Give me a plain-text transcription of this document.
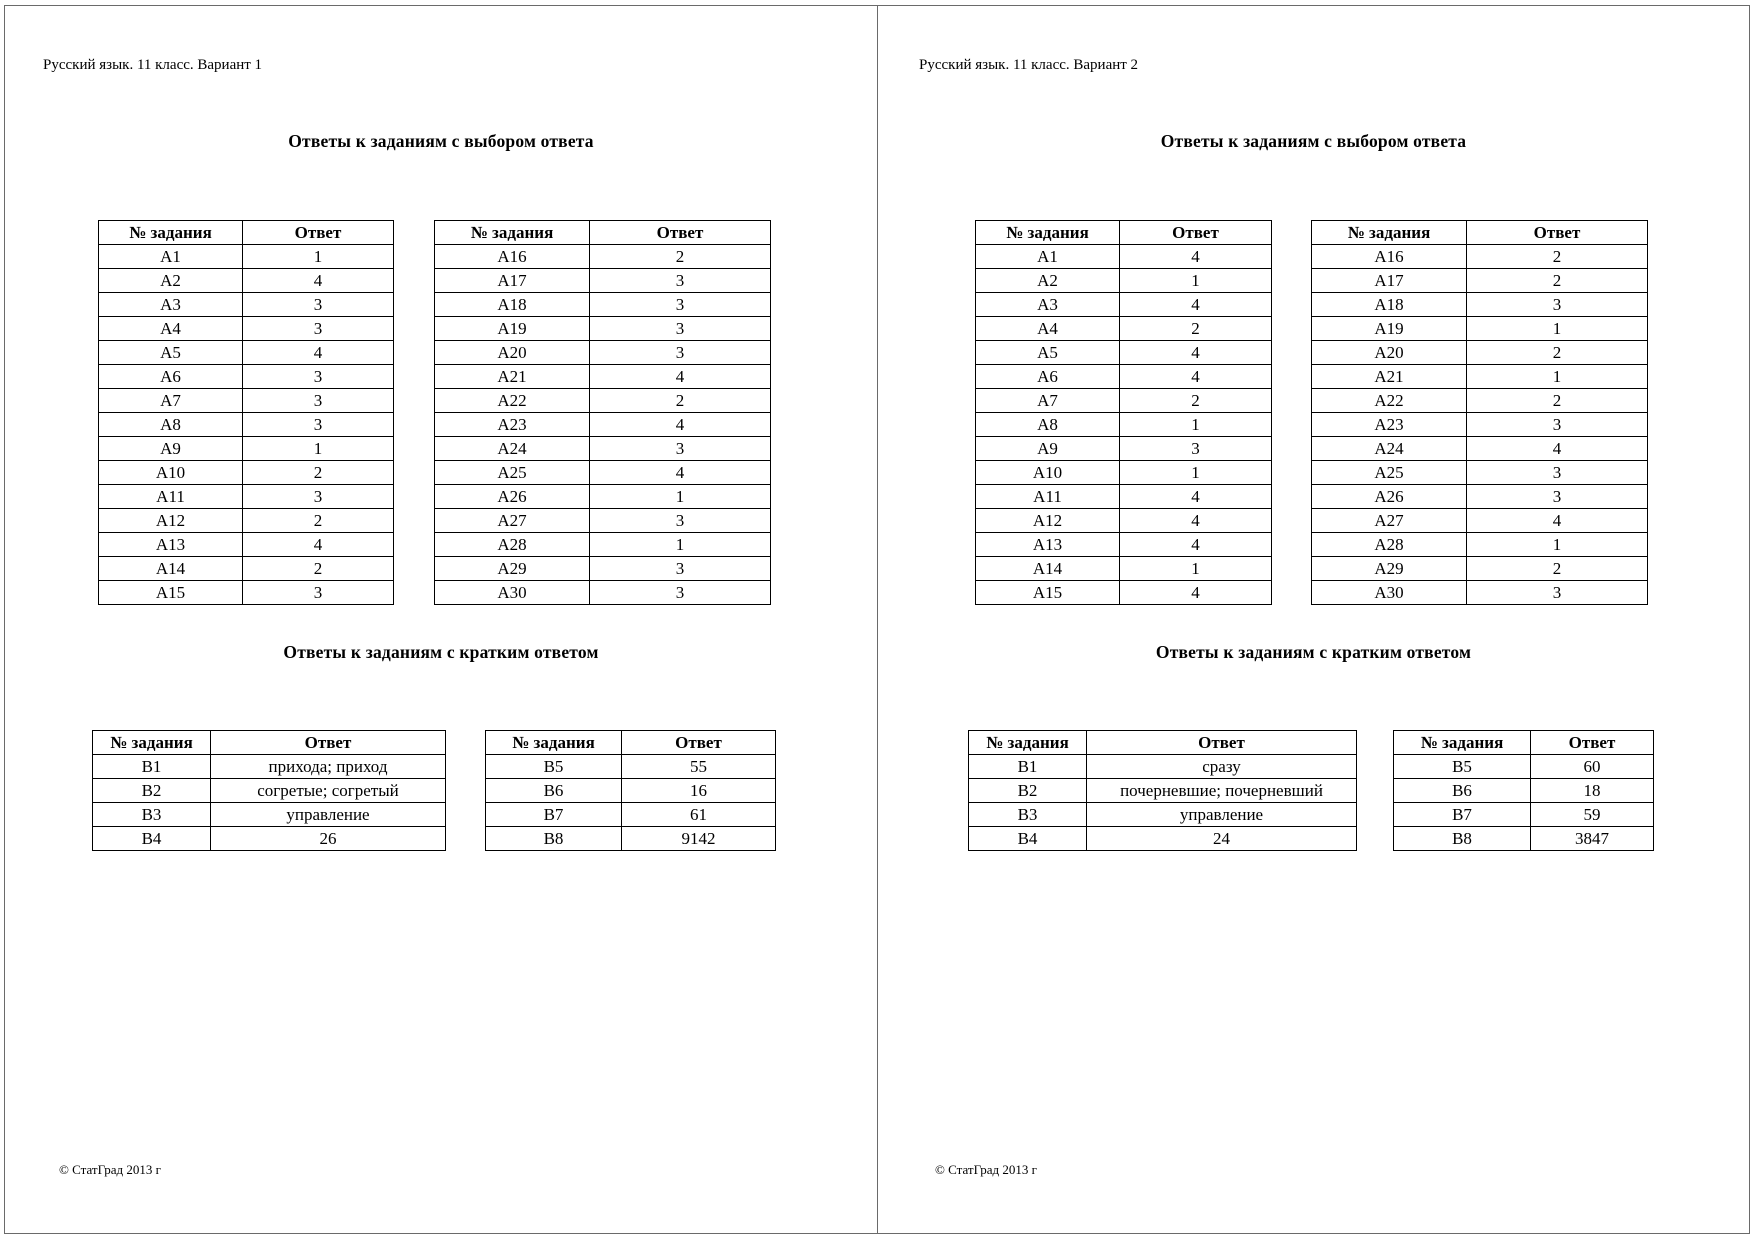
Русский язык. 11 класс. Вариант 1
Ответы к заданиям с выбором ответа
№ задания	Ответ
А1	1
А2	4
А3	3
А4	3
А5	4
А6	3
А7	3
А8	3
А9	1
А10	2
А11	3
А12	2
А13	4
А14	2
А15	3
№ задания	Ответ
А16	2
А17	3
А18	3
А19	3
А20	3
А21	4
А22	2
А23	4
А24	3
А25	4
А26	1
А27	3
А28	1
А29	3
А30	3
Ответы к заданиям с кратким ответом
№ задания	Ответ
В1	прихода; приход
В2	согретые; согретый
В3	управление
В4	26
№ задания	Ответ
В5	55
В6	16
В7	61
В8	9142
© СтатГрад 2013 г
Русский язык. 11 класс. Вариант 2
Ответы к заданиям с выбором ответа
№ задания	Ответ
А1	4
А2	1
А3	4
А4	2
А5	4
А6	4
А7	2
А8	1
А9	3
А10	1
А11	4
А12	4
А13	4
А14	1
А15	4
№ задания	Ответ
А16	2
А17	2
А18	3
А19	1
А20	2
А21	1
А22	2
А23	3
А24	4
А25	3
А26	3
А27	4
А28	1
А29	2
А30	3
Ответы к заданиям с кратким ответом
№ задания	Ответ
В1	сразу
В2	почерневшие; почерневший
В3	управление
В4	24
№ задания	Ответ
В5	60
В6	18
В7	59
В8	3847
© СтатГрад 2013 г
